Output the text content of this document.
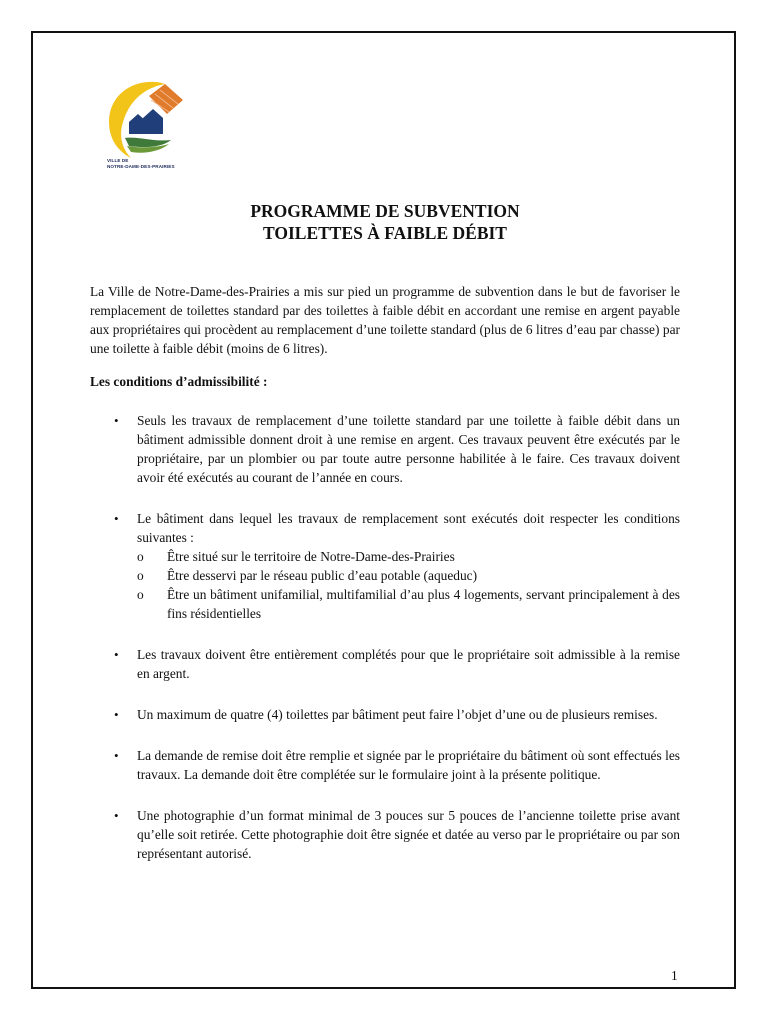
VILLE DE
NOTRE-DAME-DES-PRAIRIES
PROGRAMME DE SUBVENTION
TOILETTES À FAIBLE DÉBIT

La Ville de Notre-Dame-des-Prairies a mis sur pied un programme de subvention dans le but de favoriser le remplacement de toilettes standard par des toilettes à faible débit en accordant une remise en argent payable aux propriétaires qui procèdent au remplacement d’une toilette standard (plus de 6 litres d’eau par chasse) par une toilette à faible débit (moins de 6 litres).

Les conditions d’admissibilité :

• Seuls les travaux de remplacement d’une toilette standard par une toilette à faible débit dans un bâtiment admissible donnent droit à une remise en argent. Ces travaux peuvent être exécutés par le propriétaire, par un plombier ou par toute autre personne habilitée à le faire. Ces travaux doivent avoir été exécutés au courant de l’année en cours.
• Le bâtiment dans lequel les travaux de remplacement sont exécutés doit respecter les conditions suivantes :
o Être situé sur le territoire de Notre-Dame-des-Prairies
o Être desservi par le réseau public d’eau potable (aqueduc)
o Être un bâtiment unifamilial, multifamilial d’au plus 4 logements, servant principalement à des fins résidentielles
• Les travaux doivent être entièrement complétés pour que le propriétaire soit admissible à la remise en argent.
• Un maximum de quatre (4) toilettes par bâtiment peut faire l’objet d’une ou de plusieurs remises.
• La demande de remise doit être remplie et signée par le propriétaire du bâtiment où sont effectués les travaux. La demande doit être complétée sur le formulaire joint à la présente politique.
• Une photographie d’un format minimal de 3 pouces sur 5 pouces de l’ancienne toilette prise avant qu’elle soit retirée. Cette photographie doit être signée et datée au verso par le propriétaire ou par son représentant autorisé.
1
